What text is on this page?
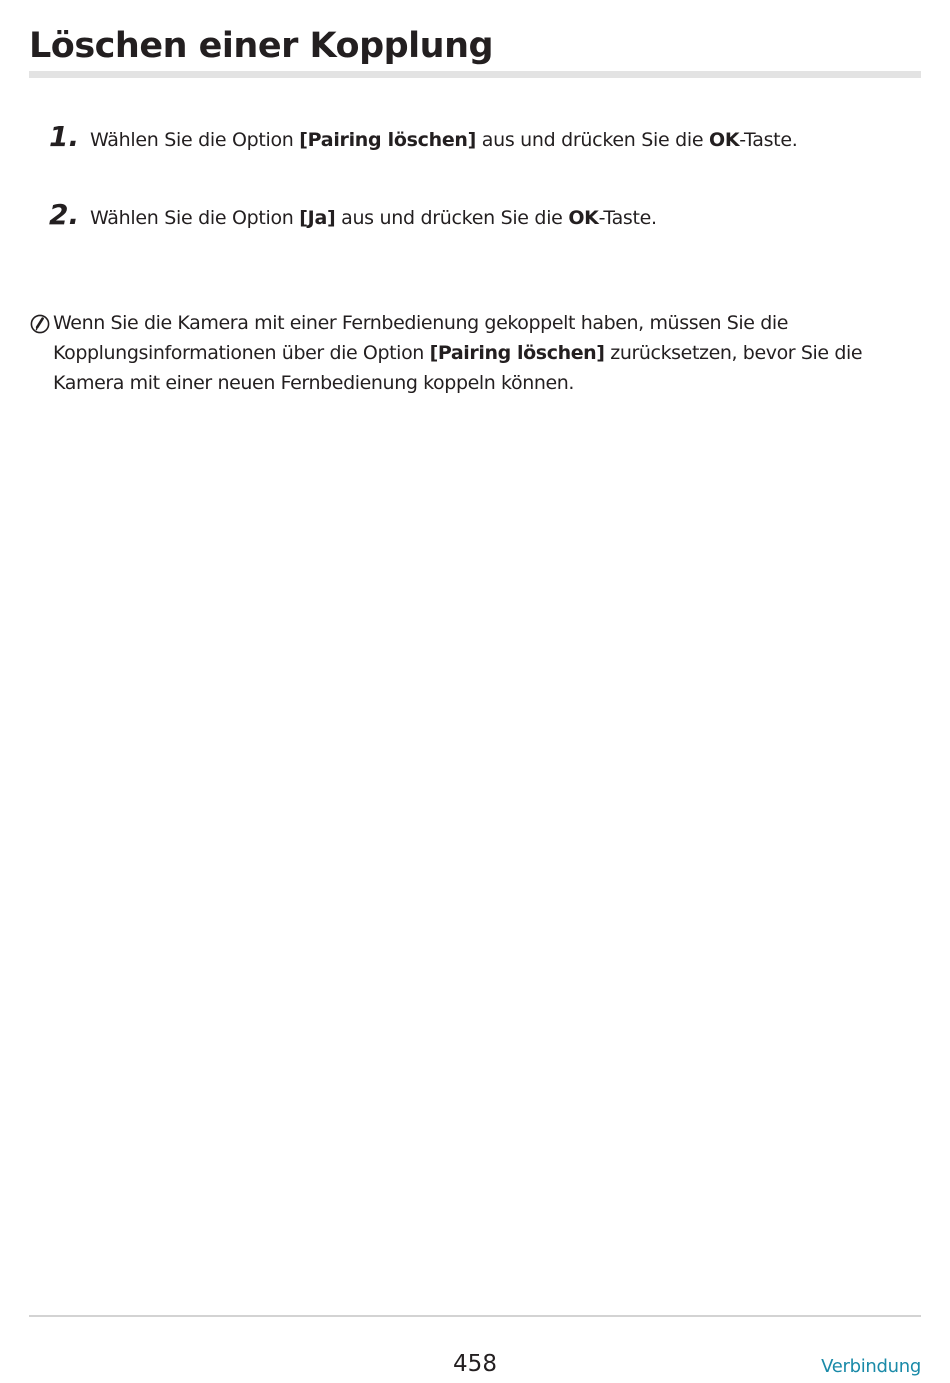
Löschen einer Kopplung
1. Wählen Sie die Option [Pairing löschen] aus und drücken Sie die OK-Taste.
2. Wählen Sie die Option [Ja] aus und drücken Sie die OK-Taste.

Wenn Sie die Kamera mit einer Fernbedienung gekoppelt haben, müssen Sie die Kopplungsinformationen über die Option [Pairing löschen] zurücksetzen, bevor Sie die Kamera mit einer neuen Fernbedienung koppeln können.

458	Verbindung
